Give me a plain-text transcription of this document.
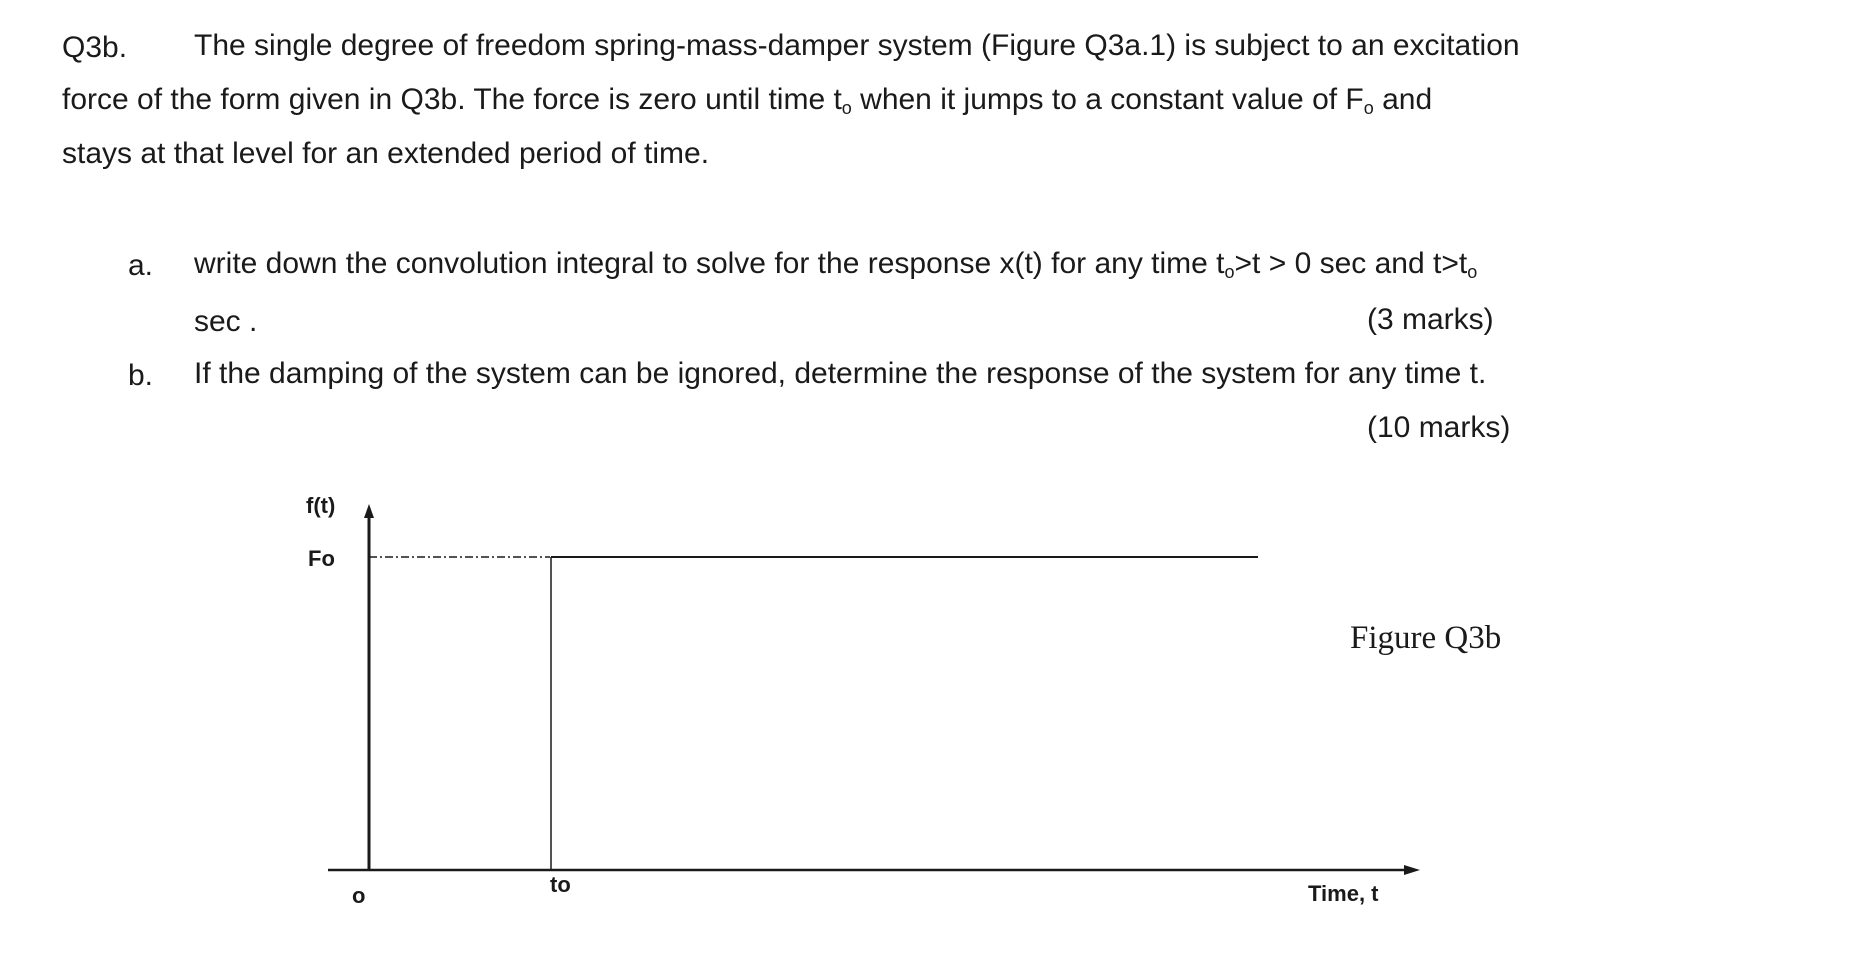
Q3b. The single degree of freedom spring-mass-damper system (Figure Q3a.1) is subject to an excitation
force of the form given in Q3b. The force is zero until time $t_o$ when it jumps to a constant value of $F_o$ and
stays at that level for an extended period of time.
a. write down the convolution integral to solve for the response x(t) for any time $t_o>t > 0$ sec and $t>t_o$
sec .	(3 marks)
b. If the damping of the system can be ignored, determine the response of the system for any time t.
(10 marks)
f(t)
Fo
o	to	Time, t
Figure Q3b
